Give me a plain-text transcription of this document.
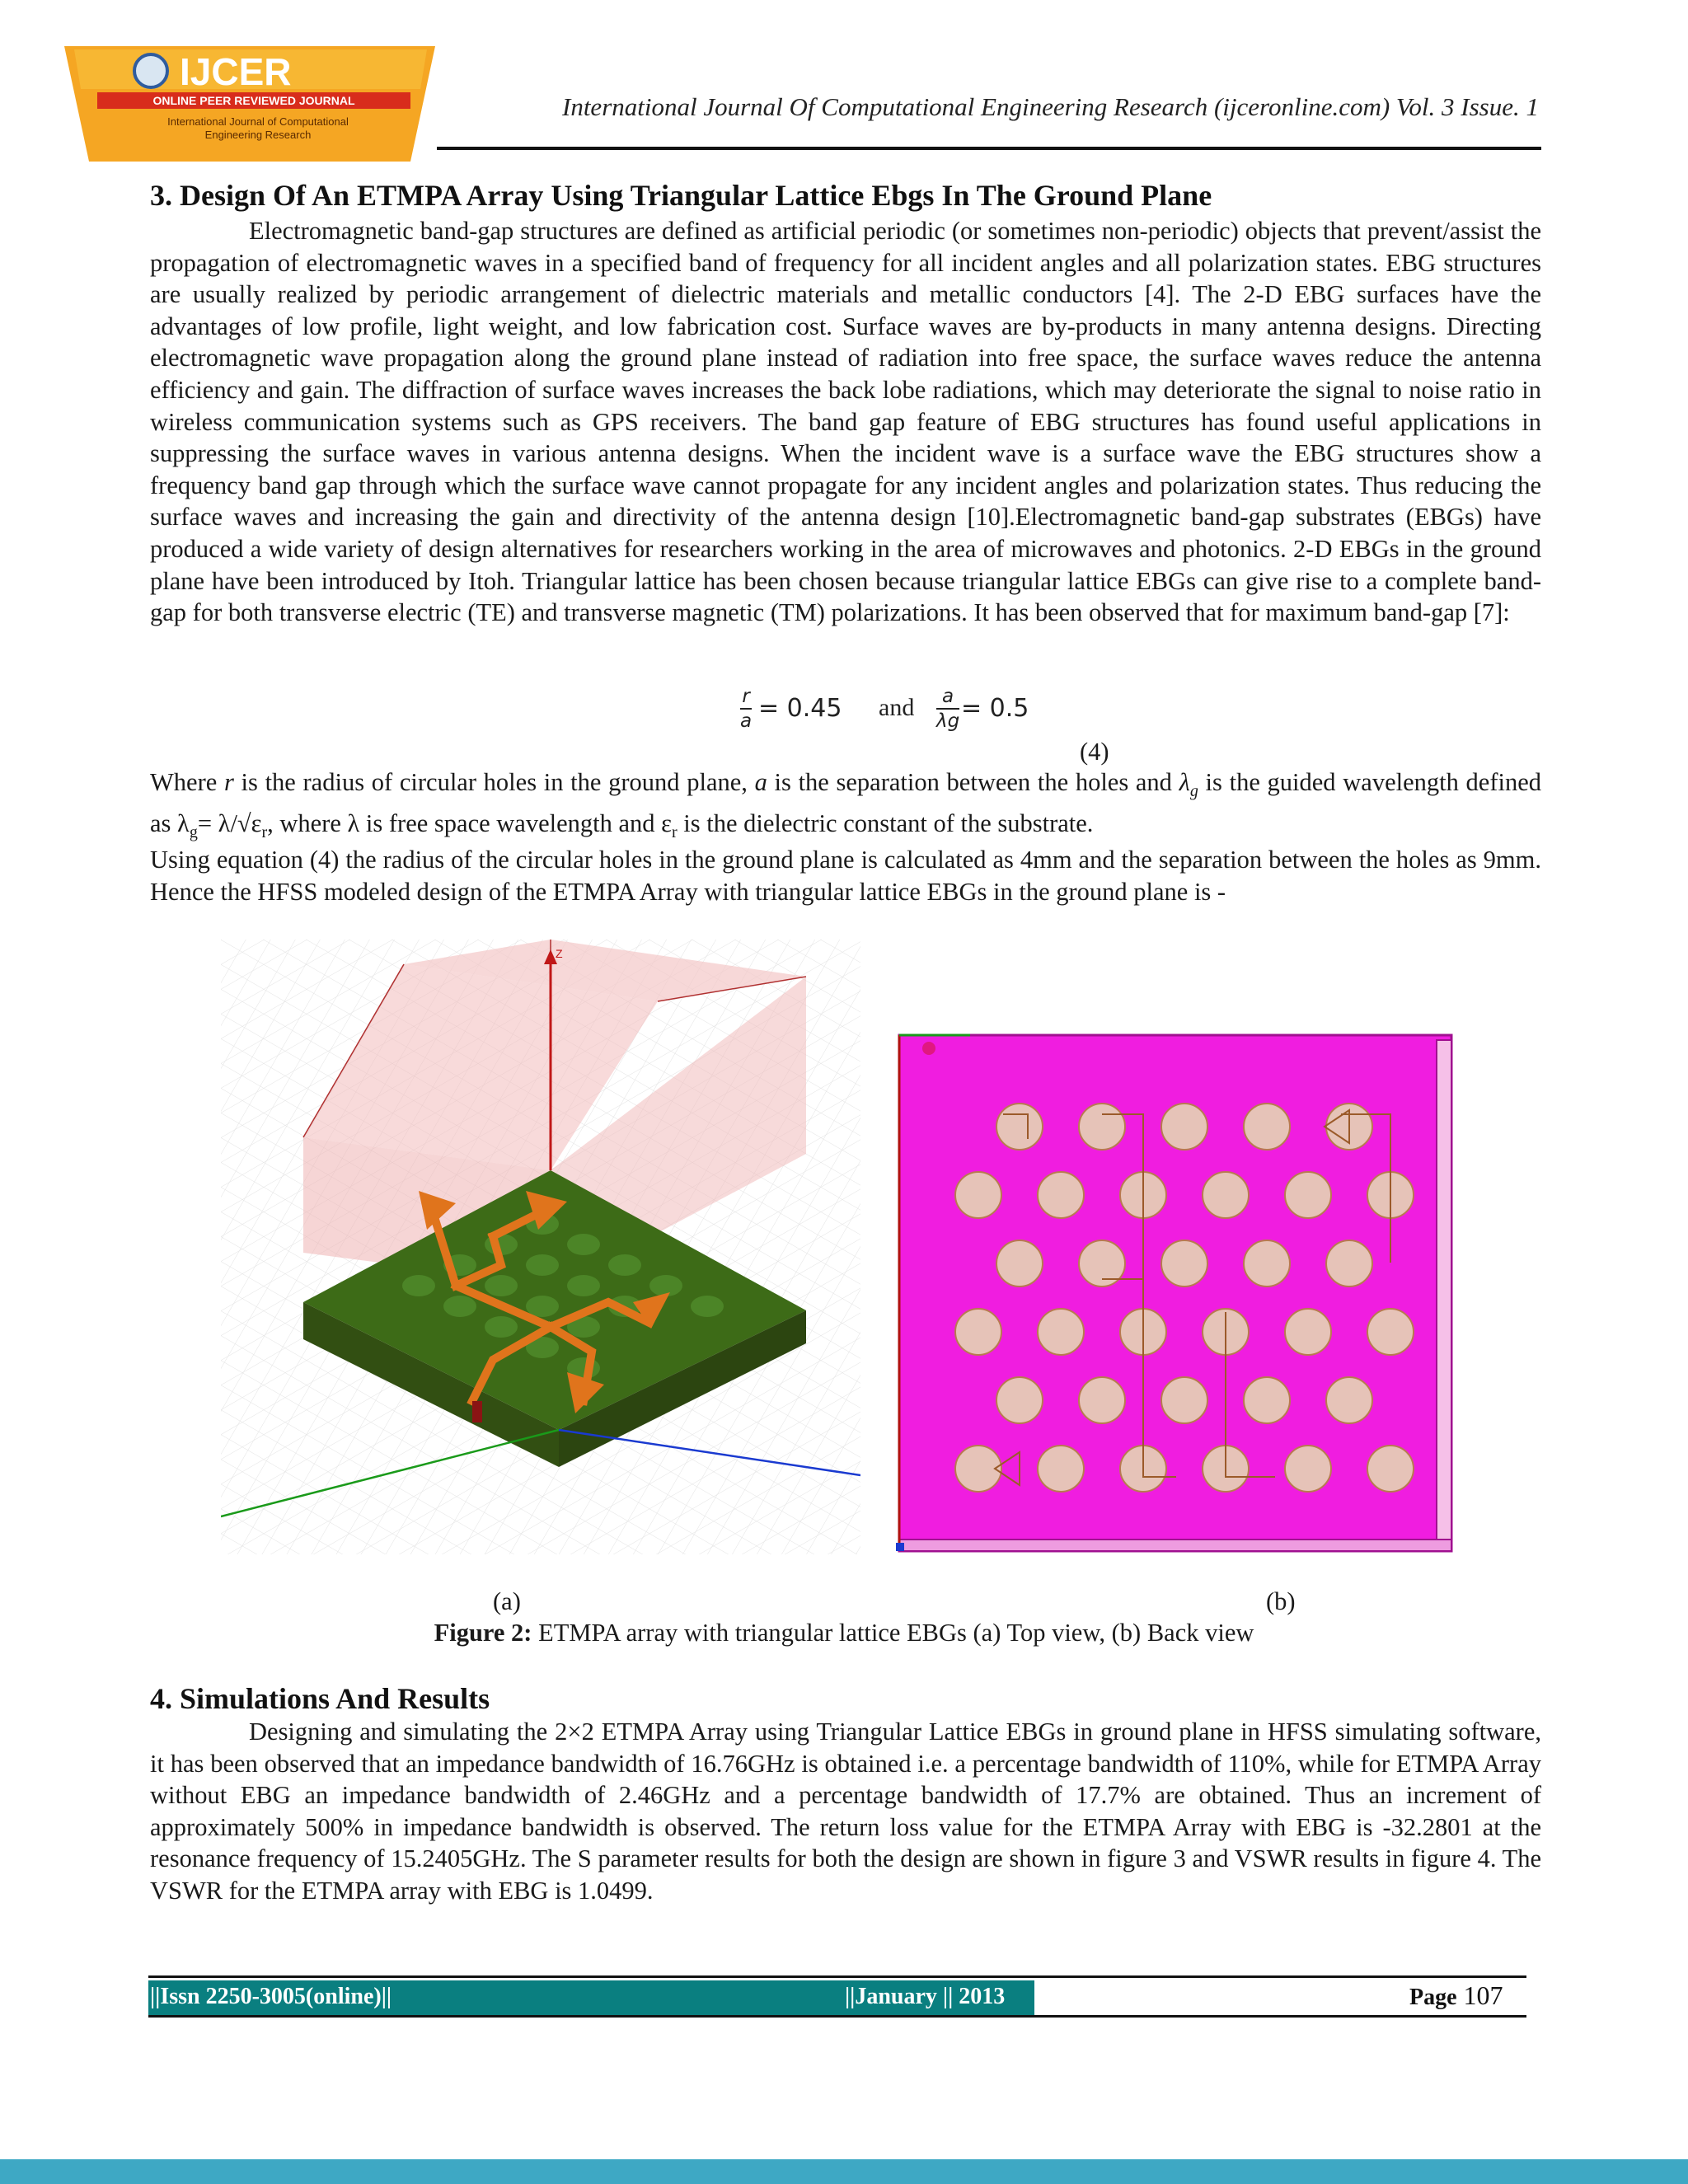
IJCER
ONLINE PEER REVIEWED JOURNAL
International Journal of Computational
Engineering Research
International Journal Of Computational Engineering Research (ijceronline.com) Vol. 3 Issue. 1
3. Design Of An ETMPA Array Using Triangular Lattice Ebgs In The Ground Plane

Electromagnetic band-gap structures are defined as artificial periodic (or sometimes non-periodic) objects that prevent/assist the propagation of electromagnetic waves in a specified band of frequency for all incident angles and all polarization states. EBG structures are usually realized by periodic arrangement of dielectric materials and metallic conductors [4]. The 2-D EBG surfaces have the advantages of low profile, light weight, and low fabrication cost. Surface waves are by-products in many antenna designs. Directing electromagnetic wave propagation along the ground plane instead of radiation into free space, the surface waves reduce the antenna efficiency and gain. The diffraction of surface waves increases the back lobe radiations, which may deteriorate the signal to noise ratio in wireless communication systems such as GPS receivers. The band gap feature of EBG structures has found useful applications in suppressing the surface waves in various antenna designs. When the incident wave is a surface wave the EBG structures show a frequency band gap through which the surface wave cannot propagate for any incident angles and polarization states. Thus reducing the surface waves and increasing the gain and directivity of the antenna design [10].Electromagnetic band-gap substrates (EBGs) have produced a wide variety of design alternatives for researchers working in the area of microwaves and photonics. 2-D EBGs in the ground plane have been introduced by Itoh. Triangular lattice has been chosen because triangular lattice EBGs can give rise to a complete band-gap for both transverse electric (TE) and transverse magnetic (TM) polarizations. It has been observed that for maximum band-gap [7]:

r
a = 0.45 and a
λg = 0.5
(4)

Where r is the radius of circular holes in the ground plane, a is the separation between the holes and $\lambda_g$ is the guided wavelength defined as $\lambda_g= \lambda/√\varepsilon_r$, where λ is free space wavelength and $\varepsilon_r$ is the dielectric constant of the substrate.

Using equation (4) the radius of the circular holes in the ground plane is calculated as 4mm and the separation between the holes as 9mm. Hence the HFSS modeled design of the ETMPA Array with triangular lattice EBGs in the ground plane is -

Z
(a)	(b)
Figure 2: ETMPA array with triangular lattice EBGs (a) Top view, (b) Back view
4. Simulations And Results

Designing and simulating the 2×2 ETMPA Array using Triangular Lattice EBGs in ground plane in HFSS simulating software, it has been observed that an impedance bandwidth of 16.76GHz is obtained i.e. a percentage bandwidth of 110%, while for ETMPA Array without EBG an impedance bandwidth of 2.46GHz and a percentage bandwidth of 17.7% are obtained. Thus an increment of approximately 500% in impedance bandwidth is observed. The return loss value for the ETMPA Array with EBG is -32.2801 at the resonance frequency of 15.2405GHz. The S parameter results for both the design are shown in figure 3 and VSWR results in figure 4. The VSWR for the ETMPA array with EBG is 1.0499.

||Issn 2250-3005(online)||	||January || 2013	Page 107
